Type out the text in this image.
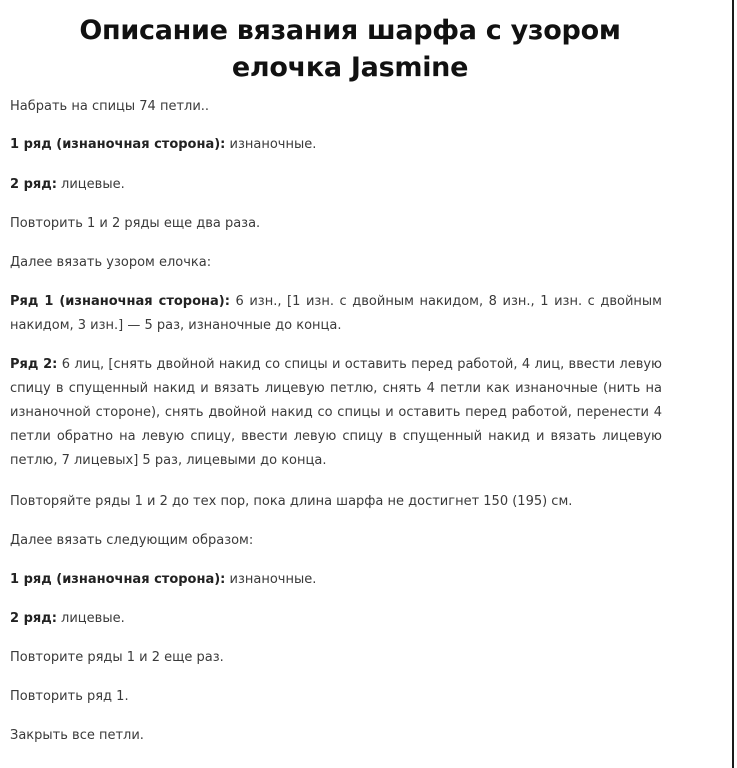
Описание вязания шарфа с узором
елочка Jasmine
Набрать на спицы 74 петли..
1 ряд (изнаночная сторона): изнаночные.
2 ряд: лицевые.
Повторить 1 и 2 ряды еще два раза.
Далее вязать узором елочка:
Ряд 1 (изнаночная сторона): 6 изн., [1 изн. с двойным накидом, 8 изн., 1 изн. с двойным накидом, 3 изн.] — 5 раз, изнаночные до конца.
Ряд 2: 6 лиц, [снять двойной накид со спицы и оставить перед работой, 4 лиц, ввести левую спицу в спущенный накид и вязать лицевую петлю, снять 4 петли как изнаночные (нить на изнаночной стороне), снять двойной накид со спицы и оставить перед работой, перенести 4 петли обратно на левую спицу, ввести левую спицу в спущенный накид и вязать лицевую петлю, 7 лицевых] 5 раз, лицевыми до конца.
Повторяйте ряды 1 и 2 до тех пор, пока длина шарфа не достигнет 150 (195) см.
Далее вязать следующим образом:
1 ряд (изнаночная сторона): изнаночные.
2 ряд: лицевые.
Повторите ряды 1 и 2 еще раз.
Повторить ряд 1.
Закрыть все петли.
